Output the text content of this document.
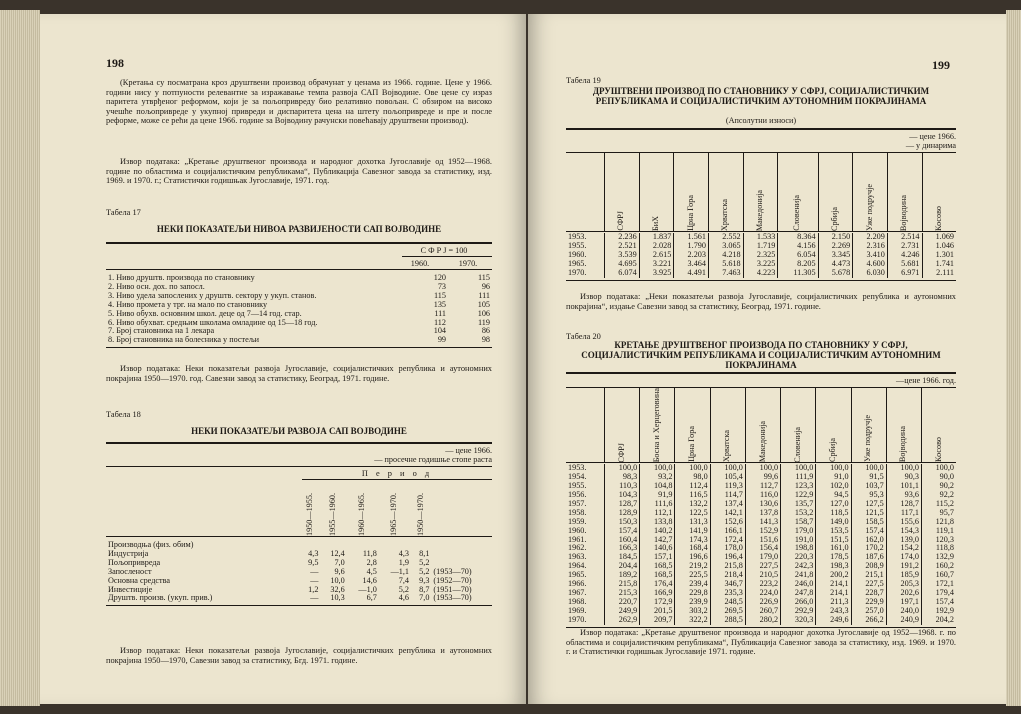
198
(Кретања су посматрана кроз друштвени производ обрачунат у ценама из 1966. године. Цене у 1966. години нису у потпуности релевантне за изражавање темпа развоја САП Војводине. Ове цене су израз паритета утврђеног реформом, који је за пољопривреду био релативно повољан. С обзиром на високо учешће пољопривреде у укупној привреди и диспаритета цена на штету пољопривреде и пре и после реформе, може се рећи да цене 1966. године за Војводину рачунски повећавају друштвени производ).
Извор података: „Кретање друштвеног производа и народног дохотка Југославије од 1952—1968. године по областима и социјалистичким републикама“, Публикација Савезног завода за статистику, изд. 1969. и 1970. г.; Статистички годишњак Југославије, 1971. год.
Табела 17
НЕКИ ПОКАЗАТЕЉИ НИВОА РАЗВИЈЕНОСТИ САП ВОЈВОДИНЕ
С Ф Р Ј = 100
1960.	1970.
1. Ниво друштв. производа по становнику	120	115
2. Ниво осн. дох. по запосл.	73	96
3. Ниво удела запослених у друштв. сектору у укуп. станов.	115	111
4. Ниво промета у трг. на мало по становнику	135	105
5. Ниво обухв. основним школ. деце од 7—14 год. стар.	111	106
6. Ниво обухват. средњим школама омладине од 15—18 год.	112	119
7. Број становника на 1 лекара	104	86
8. Број становника на болесника у постељи	99	98
Извор података: Неки показатељи развоја Југославије, социјалистичких република и аутономних покрајина 1950—1970. год. Савезни завод за статистику, Београд, 1971. године.
Табела 18
НЕКИ ПОКАЗАТЕЉИ РАЗВОЈА САП ВОЈВОДИНЕ
— цене 1966.
— просечне годишње стопе раста
П е р и о д

	1950—1955.	1955—1960.	1960—1965.	1965—1970.	1950—1970.	

Производња (физ. обим)						
Индустрија	4,3	12,4	11,8	4,3	8,1	
Пољопривреда	9,5	7,0	2,8	1,9	5,2	
Запосленост	—	9,6	4,5	—1,1	5,2	(1953—70)
Основна средства	—	10,0	14,6	7,4	9,3	(1952—70)
Инвестиције	1,2	32,6	—1,0	5,2	8,7	(1951—70)
Друштв. произв. (укуп. прив.)	—	10,3	6,7	4,6	7,0	(1953—70)
Извор података: Неки показатељи развоја Југославије, социјалистичких република и аутономних покрајина 1950—1970, Савезни завод за статистику, Бгд. 1971. године.
199
Табела 19
ДРУШТВЕНИ ПРОИЗВОД ПО СТАНОВНИКУ У СФРЈ, СОЦИЈАЛИСТИЧКИМ РЕПУБЛИКАМА И СОЦИЈАЛИСТИЧКИМ АУТОНОМНИМ ПОКРАЈИНАМА
(Апсолутни износи)
— цене 1966.
— у динарима

	СФРЈ	БиХ	Црна Гора	Хрватска	Македонија	Словенија	Србија	Уже подручје	Војводина	Косово

1953.	2.236	1.837	1.561	2.552	1.533	8.364	2.150	2.209	2.514	1.069
1955.	2.521	2.028	1.790	3.065	1.719	4.156	2.269	2.316	2.731	1.046
1960.	3.539	2.615	2.203	4.218	2.325	6.054	3.345	3.410	4.246	1.301
1965.	4.695	3.221	3.464	5.618	3.225	8.205	4.473	4.600	5.681	1.741
1970.	6.074	3.925	4.491	7.463	4.223	11.305	5.678	6.030	6.971	2.111
Извор података: „Неки показатељи развоја Југославије, социјалистичких република и аутономних покрајина“, издање Савезни завод за статистику, Београд, 1971. године.
Табела 20
КРЕТАЊЕ ДРУШТВЕНОГ ПРОИЗВОДА ПО СТАНОВНИКУ У СФРЈ, СОЦИЈАЛИСТИЧКИМ РЕПУБЛИКАМА И СОЦИЈАЛИСТИЧКИМ АУТОНОМНИМ ПОКРАЈИНАМА
—цене 1966. год.

	СФРЈ	Босна и Херцеговина	Црна Гора	Хрватска	Македонија	Словенија	Србија	Уже подручје	Војводина	Косово

1953.	100,0	100,0	100,0	100,0	100,0	100,0	100,0	100,0	100,0	100,0
1954.	98,3	93,2	98,0	105,4	99,6	111,9	91,0	91,5	90,3	90,0
1955.	110,3	104,8	112,4	119,3	112,7	123,3	102,0	103,7	101,1	90,2
1956.	104,3	91,9	116,5	114,7	116,0	122,9	94,5	95,3	93,6	92,2
1957.	128,7	111,6	132,2	137,4	130,6	135,7	127,0	127,5	128,7	115,2
1958.	128,9	112,1	122,5	142,1	137,8	153,2	118,5	121,5	117,1	95,7
1959.	150,3	133,8	131,3	152,6	141,3	158,7	149,0	158,5	155,6	121,8
1960.	157,4	140,2	141,9	166,1	152,9	179,0	153,5	157,4	154,3	119,1
1961.	160,4	142,7	174,3	172,4	151,6	191,0	151,5	162,0	139,0	120,3
1962.	166,3	140,6	168,4	178,0	156,4	198,8	161,0	170,2	154,2	118,8
1963.	184,5	157,1	196,6	196,4	179,0	220,3	178,5	187,6	174,0	132,9
1964.	204,4	168,5	219,2	215,8	227,5	242,3	198,3	208,9	191,2	160,2
1965.	189,2	168,5	225,5	218,4	210,5	241,8	200,2	215,1	185,9	160,7
1966.	215,8	176,4	239,4	346,7	223,2	246,0	214,1	227,5	205,3	172,1
1967.	215,3	166,9	229,8	235,3	224,0	247,8	214,1	228,7	202,6	179,4
1968.	220,7	172,9	239,9	248,5	226,9	266,0	211,3	229,9	197,1	157,4
1969.	249,9	201,5	303,2	269,5	260,7	292,9	243,3	257,0	240,0	192,9
1970.	262,9	209,7	322,2	288,5	280,2	320,3	249,6	266,2	240,9	204,2
Извор података: „Кретање друштвеног производа и народног дохотка Југославије од 1952—1968. г. по областима и социјалистичким републикама“, Публикација Савезног завода за статистику, изд. 1969. и 1970. г. и Статистички годишњак Југославије 1971. године.
